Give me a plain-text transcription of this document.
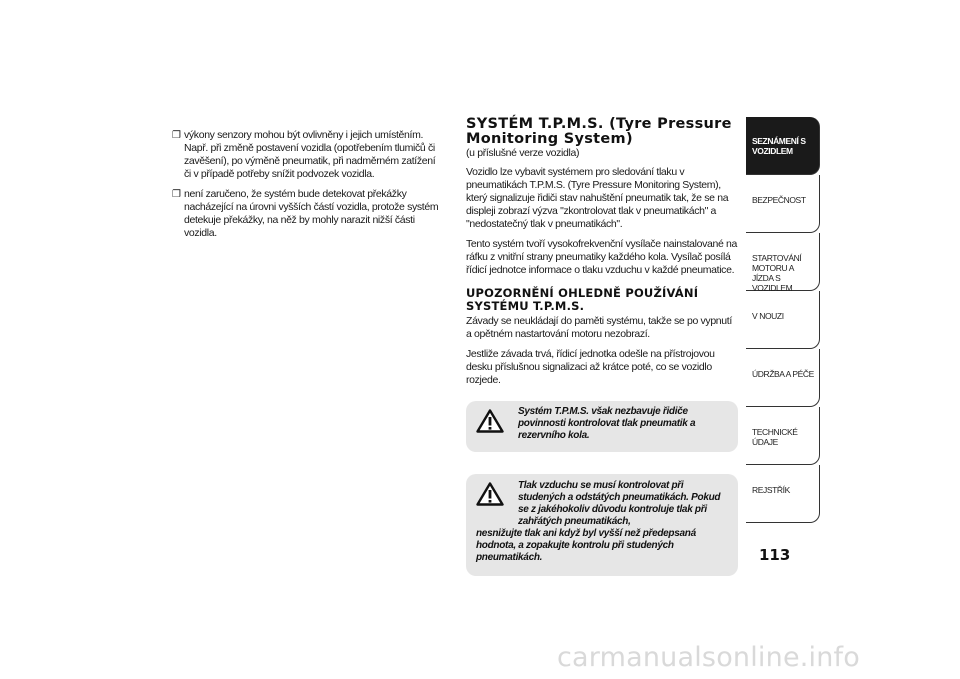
❐ výkony senzory mohou být ovlivněny i jejich umístěním. Např. při změně postavení vozidla (opotřebením tlumičů či zavěšení), po výměně pneumatik, při nadměrném zatížení či v případě potřeby snížit podvozek vozidla.
❐ není zaručeno, že systém bude detekovat překážky nacházející na úrovni vyšších částí vozidla, protože systém detekuje překážky, na něž by mohly narazit nižší části vozidla.
SYSTÉM T.P.M.S. (Tyre Pressure Monitoring System)

(u příslušné verze vozidla)

Vozidlo lze vybavit systémem pro sledování tlaku v pneumatikách T.P.M.S. (Tyre Pressure Monitoring System), který signalizuje řidiči stav nahuštění pneumatik tak, že se na displeji zobrazí výzva "zkontrolovat tlak v pneumatikách" a "nedostatečný tlak v pneumatikách".

Tento systém tvoří vysokofrekvenční vysílače nainstalované na ráfku z vnitřní strany pneumatiky každého kola. Vysílač posílá řídicí jednotce informace o tlaku vzduchu v každé pneumatice.

UPOZORNĚNÍ OHLEDNĚ POUŽÍVÁNÍ SYSTÉMU T.P.M.S.

Závady se neukládají do paměti systému, takže se po vypnutí a opětném nastartování motoru nezobrazí.

Jestliže závada trvá, řídicí jednotka odešle na přístrojovou desku příslušnou signalizaci až krátce poté, co se vozidlo rozjede.

Systém T.P.M.S. však nezbavuje řidiče povinnosti kontrolovat tlak pneumatik a rezervního kola.
Tlak vzduchu se musí kontrolovat při studených a odstátých pneumatikách. Pokud se z jakéhokoliv důvodu kontroluje tlak při zahřátých pneumatikách,
nesnižujte tlak ani když byl vyšší než předepsaná hodnota, a zopakujte kontrolu při studených pneumatikách.
SEZNÁMENÍ S VOZIDLEM
BEZPEČNOST
STARTOVÁNÍ MOTORU A JÍZDA S VOZIDLEM
V NOUZI
ÚDRŽBA A PÉČE
TECHNICKÉ ÚDAJE
REJSTŘÍK
113
carmanualsonline.info
